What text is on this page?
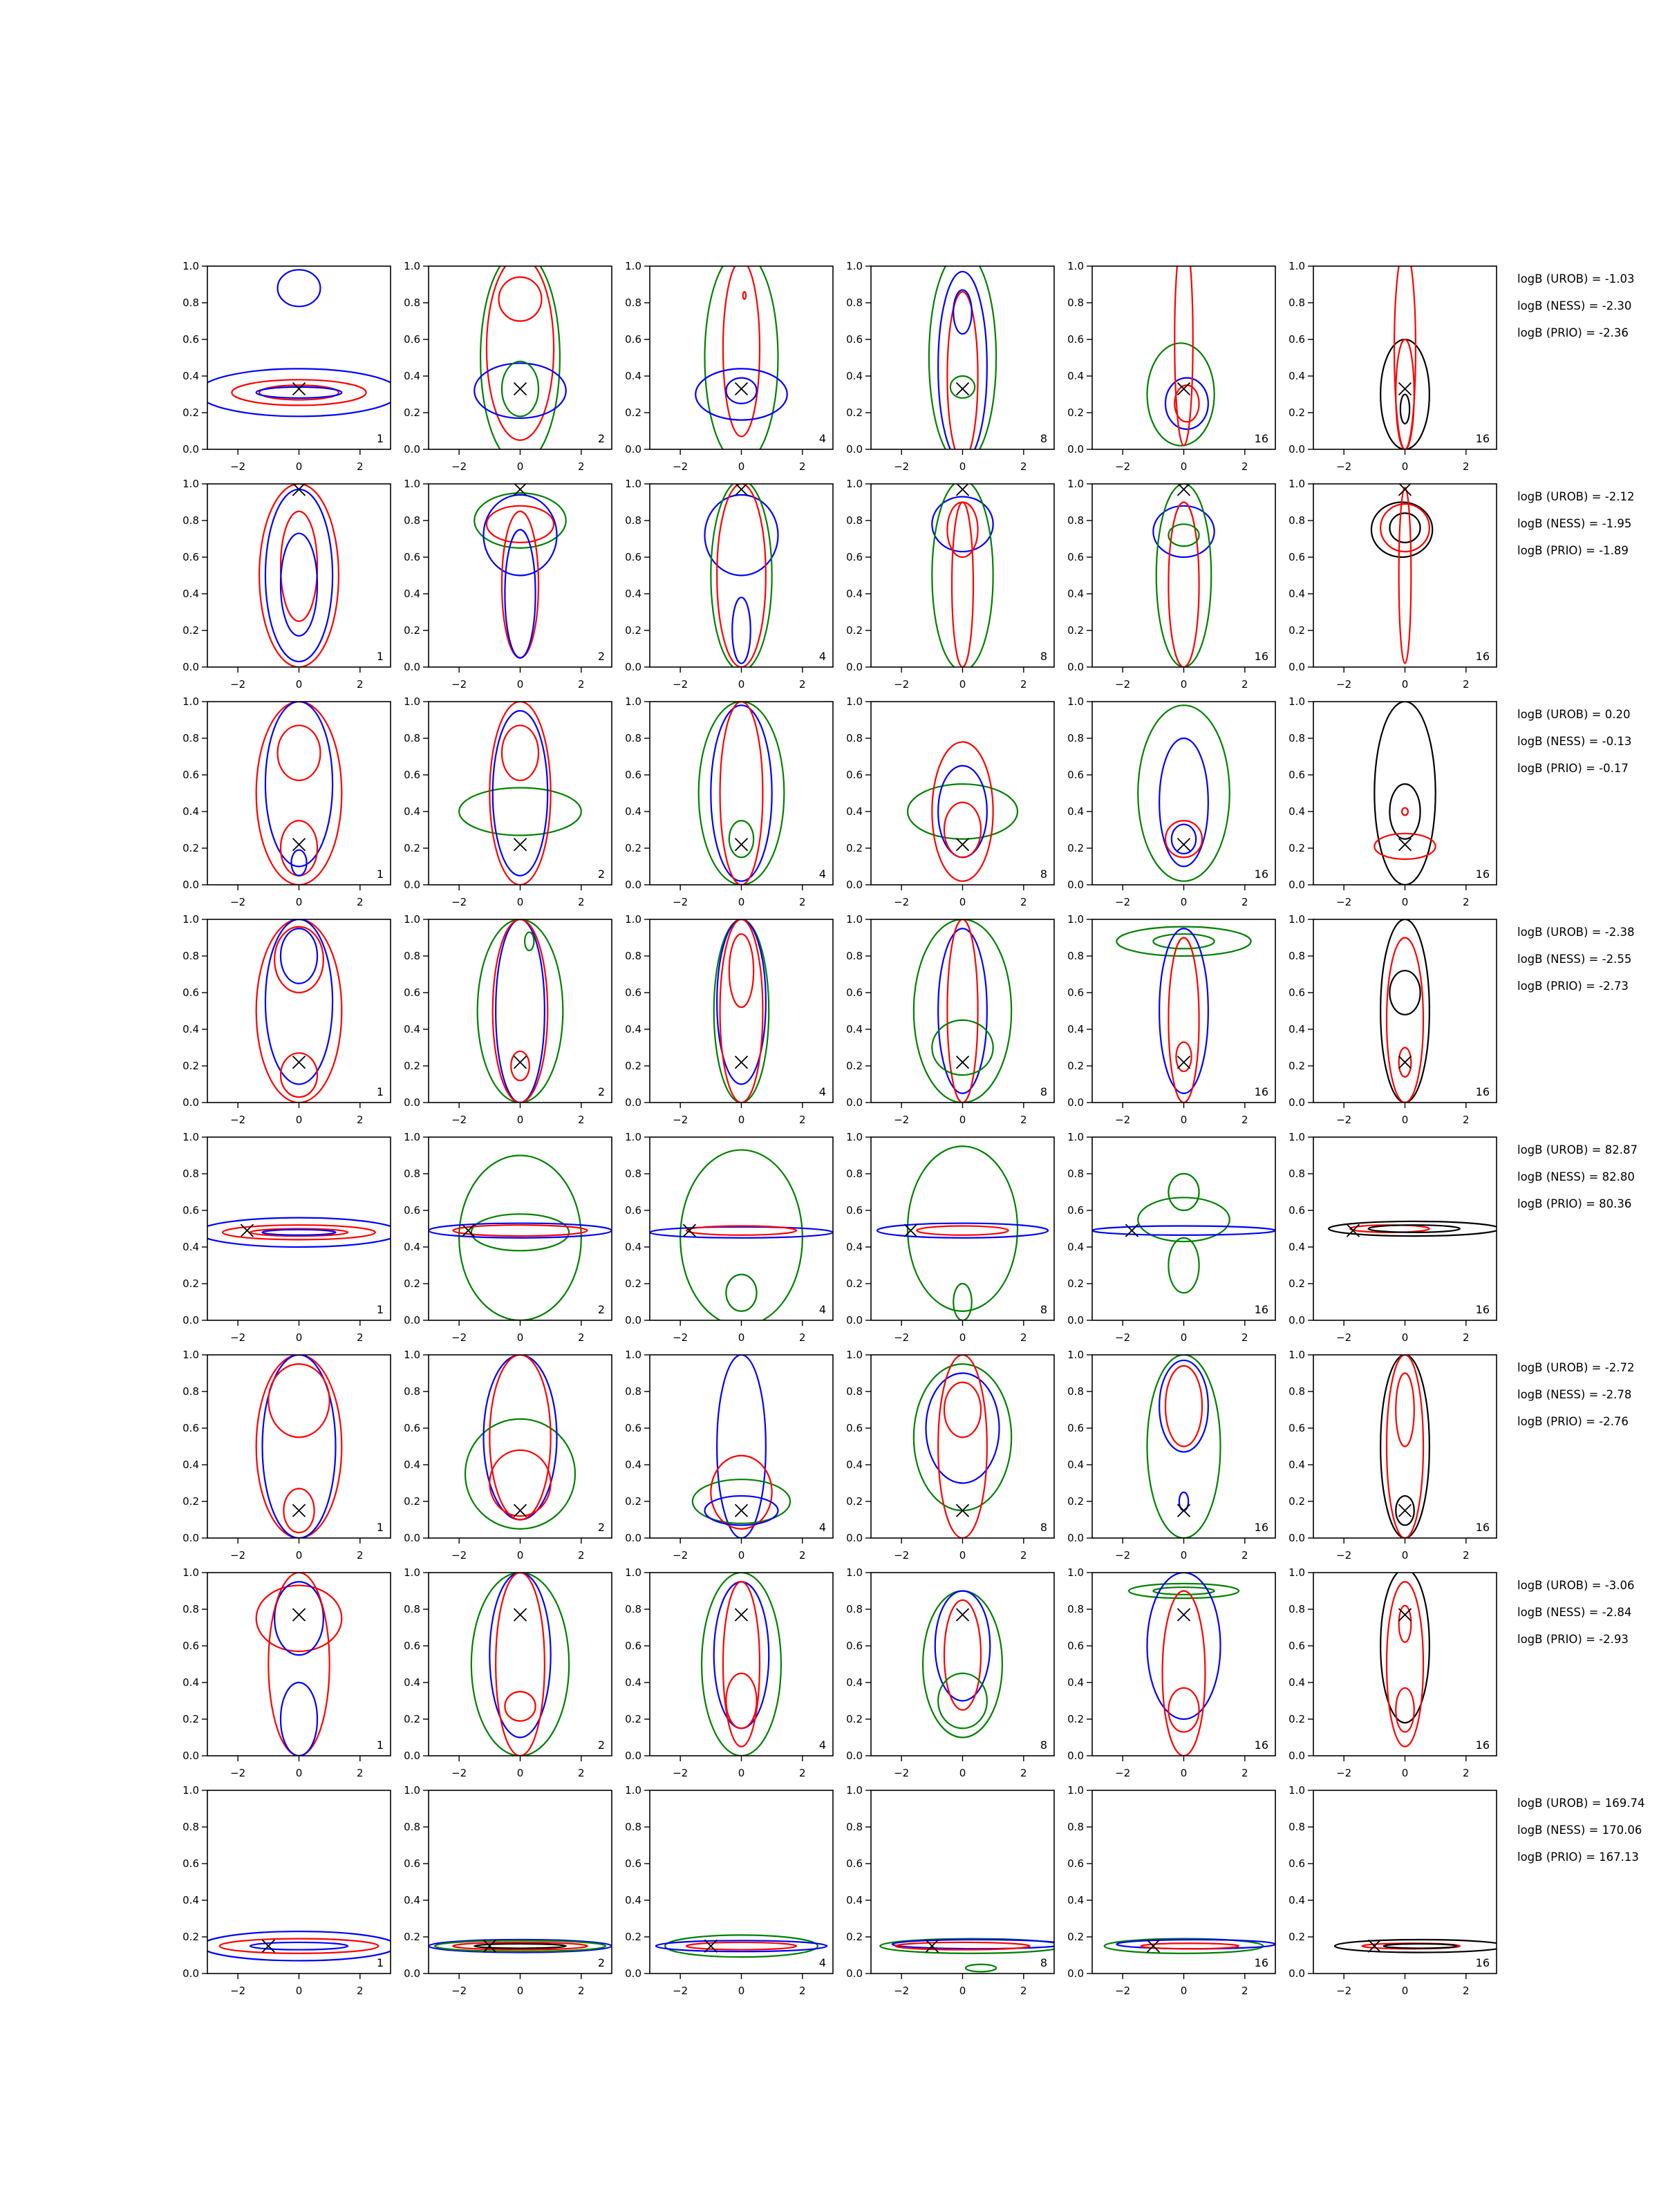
−2	0	2
0.0
0.2
0.4
0.6
0.8
1.0
1
−2	0	2
0.0
0.2
0.4
0.6
0.8
1.0
2
−2	0	2
0.0
0.2
0.4
0.6
0.8
1.0
4
−2	0	2
0.0
0.2
0.4
0.6
0.8
1.0
8
−2	0	2
0.0
0.2
0.4
0.6
0.8
1.0
16
−2	0	2
0.0
0.2
0.4
0.6
0.8
1.0
16
logB (UROB) = -1.03
logB (NESS) = -2.30
logB (PRIO) = -2.36
−2	0	2
0.0
0.2
0.4
0.6
0.8
1.0
1
−2	0	2
0.0
0.2
0.4
0.6
0.8
1.0
2
−2	0	2
0.0
0.2
0.4
0.6
0.8
1.0
4
−2	0	2
0.0
0.2
0.4
0.6
0.8
1.0
8
−2	0	2
0.0
0.2
0.4
0.6
0.8
1.0
16
−2	0	2
0.0
0.2
0.4
0.6
0.8
1.0
16
logB (UROB) = -2.12
logB (NESS) = -1.95
logB (PRIO) = -1.89
−2	0	2
0.0
0.2
0.4
0.6
0.8
1.0
1
−2	0	2
0.0
0.2
0.4
0.6
0.8
1.0
2
−2	0	2
0.0
0.2
0.4
0.6
0.8
1.0
4
−2	0	2
0.0
0.2
0.4
0.6
0.8
1.0
8
−2	0	2
0.0
0.2
0.4
0.6
0.8
1.0
16
−2	0	2
0.0
0.2
0.4
0.6
0.8
1.0
16
logB (UROB) = 0.20
logB (NESS) = -0.13
logB (PRIO) = -0.17
−2	0	2
0.0
0.2
0.4
0.6
0.8
1.0
1
−2	0	2
0.0
0.2
0.4
0.6
0.8
1.0
2
−2	0	2
0.0
0.2
0.4
0.6
0.8
1.0
4
−2	0	2
0.0
0.2
0.4
0.6
0.8
1.0
8
−2	0	2
0.0
0.2
0.4
0.6
0.8
1.0
16
−2	0	2
0.0
0.2
0.4
0.6
0.8
1.0
16
logB (UROB) = -2.38
logB (NESS) = -2.55
logB (PRIO) = -2.73
−2	0	2
0.0
0.2
0.4
0.6
0.8
1.0
1
−2	0	2
0.0
0.2
0.4
0.6
0.8
1.0
2
−2	0	2
0.0
0.2
0.4
0.6
0.8
1.0
4
−2	0	2
0.0
0.2
0.4
0.6
0.8
1.0
8
−2	0	2
0.0
0.2
0.4
0.6
0.8
1.0
16
−2	0	2
0.0
0.2
0.4
0.6
0.8
1.0
16
logB (UROB) = 82.87
logB (NESS) = 82.80
logB (PRIO) = 80.36
−2	0	2
0.0
0.2
0.4
0.6
0.8
1.0
1
−2	0	2
0.0
0.2
0.4
0.6
0.8
1.0
2
−2	0	2
0.0
0.2
0.4
0.6
0.8
1.0
4
−2	0	2
0.0
0.2
0.4
0.6
0.8
1.0
8
−2	0	2
0.0
0.2
0.4
0.6
0.8
1.0
16
−2	0	2
0.0
0.2
0.4
0.6
0.8
1.0
16
logB (UROB) = -2.72
logB (NESS) = -2.78
logB (PRIO) = -2.76
−2	0	2
0.0
0.2
0.4
0.6
0.8
1.0
1
−2	0	2
0.0
0.2
0.4
0.6
0.8
1.0
2
−2	0	2
0.0
0.2
0.4
0.6
0.8
1.0
4
−2	0	2
0.0
0.2
0.4
0.6
0.8
1.0
8
−2	0	2
0.0
0.2
0.4
0.6
0.8
1.0
16
−2	0	2
0.0
0.2
0.4
0.6
0.8
1.0
16
logB (UROB) = -3.06
logB (NESS) = -2.84
logB (PRIO) = -2.93
−2	0	2
0.0
0.2
0.4
0.6
0.8
1.0
1
−2	0	2
0.0
0.2
0.4
0.6
0.8
1.0
2
−2	0	2
0.0
0.2
0.4
0.6
0.8
1.0
4
−2	0	2
0.0
0.2
0.4
0.6
0.8
1.0
8
−2	0	2
0.0
0.2
0.4
0.6
0.8
1.0
16
−2	0	2
0.0
0.2
0.4
0.6
0.8
1.0
16
logB (UROB) = 169.74
logB (NESS) = 170.06
logB (PRIO) = 167.13
